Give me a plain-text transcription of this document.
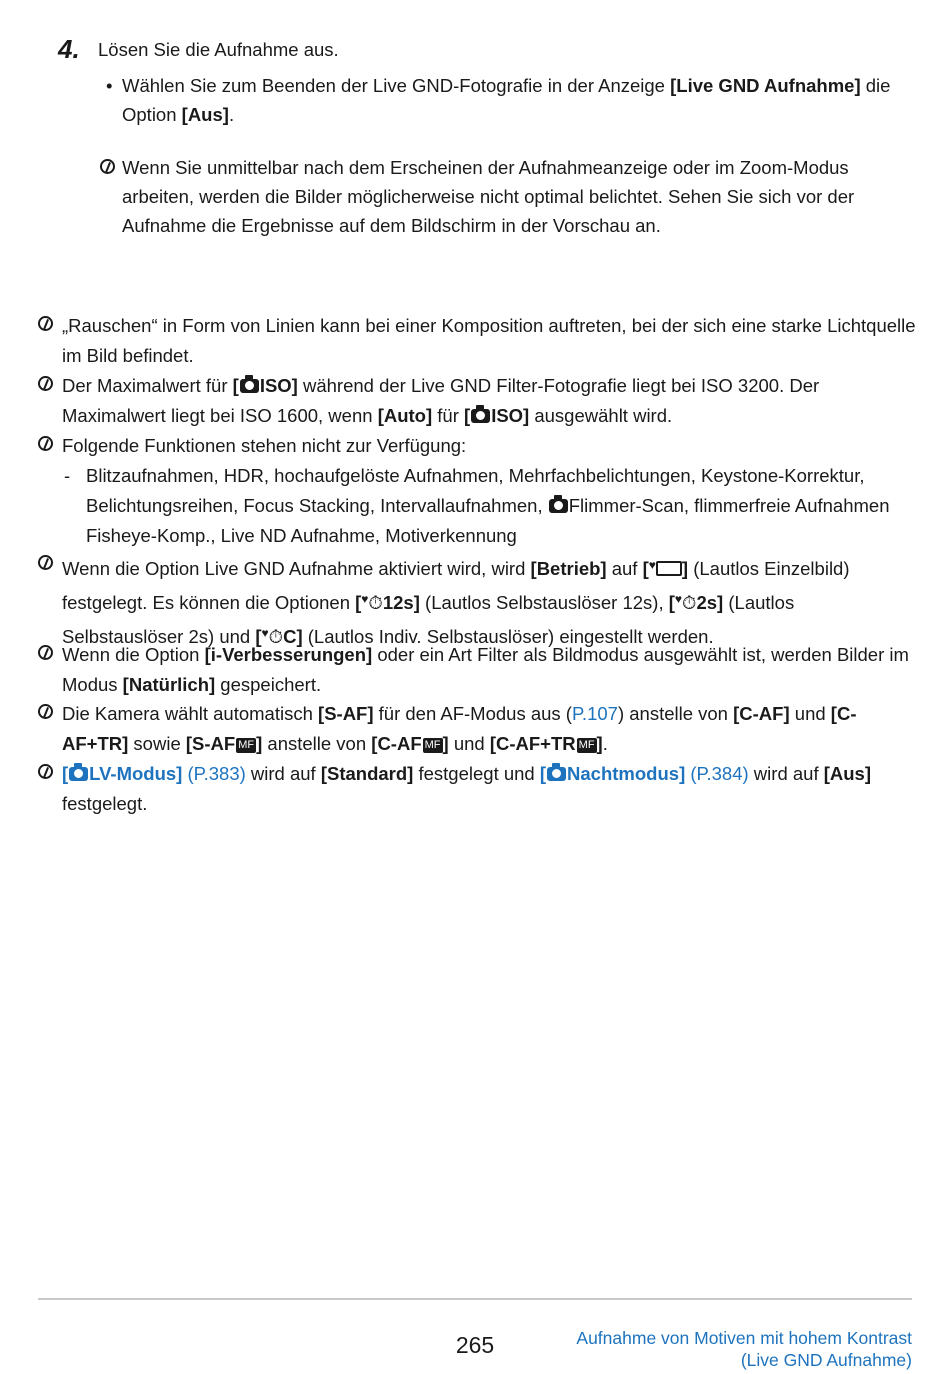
4. Lösen Sie die Aufnahme aus.
• Wählen Sie zum Beenden der Live GND-Fotografie in der Anzeige [Live GND Aufnahme] die Option [Aus].
Wenn Sie unmittelbar nach dem Erscheinen der Aufnahmeanzeige oder im Zoom-Modus arbeiten, werden die Bilder möglicherweise nicht optimal belichtet. Sehen Sie sich vor der Aufnahme die Ergebnisse auf dem Bildschirm in der Vorschau an.
„Rauschen“ in Form von Linien kann bei einer Komposition auftreten, bei der sich eine starke Lichtquelle im Bild befindet.
Der Maximalwert für [ ISO] während der Live GND Filter-Fotografie liegt bei ISO 3200. Der Maximalwert liegt bei ISO 1600, wenn [Auto] für [ ISO] ausgewählt wird.
Folgende Funktionen stehen nicht zur Verfügung:
- Blitzaufnahmen, HDR, hochaufgelöste Aufnahmen, Mehrfachbelichtungen, Keystone-Korrektur, Belichtungsreihen, Focus Stacking, Intervallaufnahmen, Flimmer-Scan, flimmerfreie Aufnahmen Fisheye-Komp., Live ND Aufnahme, Motiverkennung
Wenn die Option Live GND Aufnahme aktiviert wird, wird [Betrieb] auf [♥ ] (Lautlos Einzelbild) festgelegt. Es können die Optionen [♥⏱12s] (Lautlos Selbstauslöser 12s), [♥⏱2s] (Lautlos Selbstauslöser 2s) und [♥⏱C] (Lautlos Indiv. Selbstauslöser) eingestellt werden.
Wenn die Option [i-Verbesserungen] oder ein Art Filter als Bildmodus ausgewählt ist, werden Bilder im Modus [Natürlich] gespeichert.
Die Kamera wählt automatisch [S-AF] für den AF-Modus aus (P.107) anstelle von [C-AF] und [C-AF+TR] sowie [S-AF MF ] anstelle von [C-AF MF ] und [C-AF+TR MF ].
[ LV-Modus] (P.383) wird auf [Standard] festgelegt und [ Nachtmodus] (P.384) wird auf [Aus] festgelegt.
265	Aufnahme von Motiven mit hohem Kontrast
(Live GND Aufnahme)
